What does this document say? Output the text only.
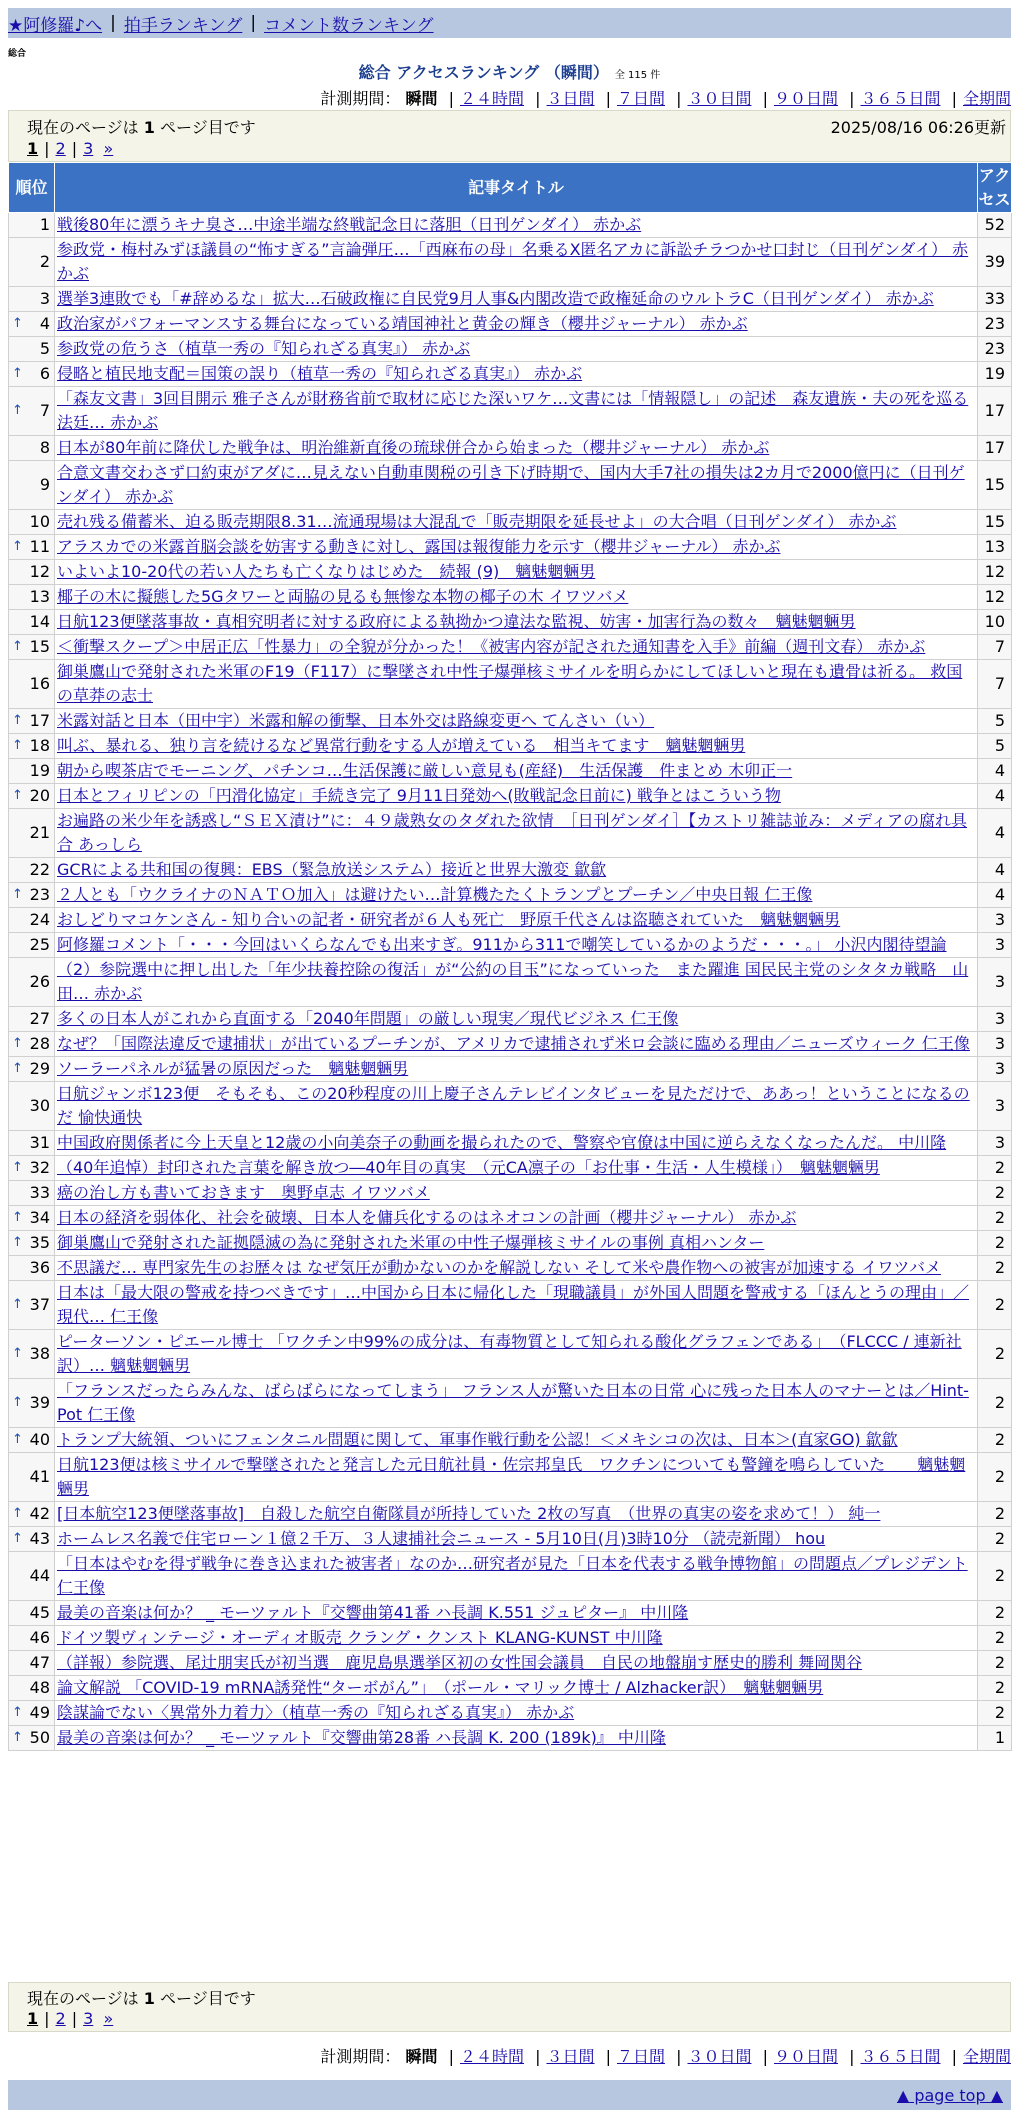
★阿修羅♪へ | 拍手ランキング | コメント数ランキング
総合
総合 アクセスランキング （瞬間） 全 115 件
計測期間： 瞬間 | ２４時間 | ３日間 | ７日間 | ３０日間 | ９０日間 | ３６５日間 | 全期間
現在のページは 1 ページ目です	2025/08/16 06:26更新
1 | 2 | 3 »
順位	記事タイトル	アクセス
1	戦後80年に漂うキナ臭さ…中途半端な終戦記念日に落胆（日刊ゲンダイ） 赤かぶ	52
2	参政党・梅村みずほ議員の“怖すぎる”言論弾圧…「西麻布の母」名乗るX匿名アカに訴訟チラつかせ口封じ（日刊ゲンダイ） 赤かぶ	39
3	選挙3連敗でも「#辞めるな」拡大…石破政権に自民党9月人事&内閣改造で政権延命のウルトラC（日刊ゲンダイ） 赤かぶ	33

↑ 4	政治家がパフォーマンスする舞台になっている靖国神社と黄金の輝き（櫻井ジャーナル） 赤かぶ	23
5	参政党の危うさ（植草一秀の『知られざる真実』） 赤かぶ	23

↑ 6	侵略と植民地支配＝国策の誤り（植草一秀の『知られざる真実』） 赤かぶ	19

↑ 7	「森友文書」3回目開示 雅子さんが財務省前で取材に応じた深いワケ…文書には「情報隠し」の記述　森友遺族・夫の死を巡る法廷… 赤かぶ	17
8	日本が80年前に降伏した戦争は、明治維新直後の琉球併合から始まった（櫻井ジャーナル） 赤かぶ	17
9	合意文書交わさず口約束がアダに…見えない自動車関税の引き下げ時期で、国内大手7社の損失は2カ月で2000億円に（日刊ゲンダイ） 赤かぶ	15
10	売れ残る備蓄米、迫る販売期限8.31…流通現場は大混乱で「販売期限を延長せよ」の大合唱（日刊ゲンダイ） 赤かぶ	15

↑ 11	アラスカでの米露首脳会談を妨害する動きに対し、露国は報復能力を示す（櫻井ジャーナル） 赤かぶ	13
12	いよいよ10-20代の若い人たちも亡くなりはじめた　続報 (9)　魑魅魍魎男	12
13	椰子の木に擬態した5Gタワーと両脇の見るも無惨な本物の椰子の木 イワツバメ	12
14	日航123便墜落事故・真相究明者に対する政府による執拗かつ違法な監視、妨害・加害行為の数々　魑魅魍魎男	10

↑ 15	＜衝撃スクープ＞中居正広「性暴力」の全貌が分かった！《被害内容が記された通知書を入手》前編（週刊文春） 赤かぶ	7
16	御巣鷹山で発射された米軍のF19（F117）に撃墜され中性子爆弾核ミサイルを明らかにしてほしいと現在も遺骨は祈る。 救国の草莽の志士	7

↑ 17	米露対話と日本（田中宇）米露和解の衝撃、日本外交は路線変更へ てんさい（い）	5

↑ 18	叫ぶ、暴れる、独り言を続けるなど異常行動をする人が増えている　相当キてます　魑魅魍魎男	5
19	朝から喫茶店でモーニング、パチンコ…生活保護に厳しい意見も(産経)　生活保護　件まとめ 木卯正一	4

↑ 20	日本とフィリピンの「円滑化協定」手続き完了 9月11日発効へ(敗戦記念日前に) 戦争とはこういう物	4
21	お遍路の米少年を誘惑し“ＳＥＸ漬け”に：４９歳熟女のタダれた欲情　［日刊ゲンダイ］【カストリ雑誌並み：メディアの腐れ具合 あっしら	4
22	GCRによる共和国の復興：EBS（緊急放送システム）接近と世界大激変 歙歙	4

↑ 23	２人とも「ウクライナのＮＡＴＯ加入」は避けたい…計算機たたくトランプとプーチン／中央日報 仁王像	4
24	おしどりマコケンさん - 知り合いの記者・研究者が６人も死亡　野原千代さんは盗聴されていた　魑魅魍魎男	3
25	阿修羅コメント「・・・今回はいくらなんでも出来すぎ。911から311で嘲笑しているかのようだ・・・。」 小沢内閣待望論	3
26	（2）参院選中に押し出した「年少扶養控除の復活」が“公約の目玉”になっていった　また躍進 国民民主党のシタタカ戦略　山田… 赤かぶ	3
27	多くの日本人がこれから直面する「2040年問題」の厳しい現実／現代ビジネス 仁王像	3

↑ 28	なぜ？「国際法違反で逮捕状」が出ているプーチンが、アメリカで逮捕されず米ロ会談に臨める理由／ニューズウィーク 仁王像	3

↑ 29	ソーラーパネルが猛暑の原因だった　魑魅魍魎男	3
30	日航ジャンボ123便　そもそも、この20秒程度の川上慶子さんテレビインタビューを見ただけで、ああっ！ということになるのだ 愉快通快	3
31	中国政府関係者に今上天皇と12歳の小向美奈子の動画を撮られたので、警察や官僚は中国に逆らえなくなったんだ。 中川隆	3

↑ 32	（40年追悼）封印された言葉を解き放つ―40年目の真実　（元CA凛子の「お仕事・生活・人生模様」）　魑魅魍魎男	2
33	癌の治し方も書いておきます　奥野卓志 イワツバメ	2

↑ 34	日本の経済を弱体化、社会を破壊、日本人を傭兵化するのはネオコンの計画（櫻井ジャーナル） 赤かぶ	2

↑ 35	御巣鷹山で発射された証拠隠滅の為に発射された米軍の中性子爆弾核ミサイルの事例 真相ハンター	2
36	不思議だ… 専門家先生のお歴々は なぜ気圧が動かないのかを解説しない そして米や農作物への被害が加速する イワツバメ	2

↑ 37	日本は「最大限の警戒を持つべきです」…中国から日本に帰化した「現職議員」が外国人問題を警戒する「ほんとうの理由」／現代… 仁王像	2

↑ 38	ピーターソン・ピエール博士 「ワクチン中99%の成分は、有毒物質として知られる酸化グラフェンである」　（FLCCC / 連新社訳）… 魑魅魍魎男	2

↑ 39	「フランスだったらみんな、ばらばらになってしまう」 フランス人が驚いた日本の日常 心に残った日本人のマナーとは／Hint-Pot 仁王像	2

↑ 40	トランプ大統領、ついにフェンタニル問題に関して、軍事作戦行動を公認！＜メキシコの次は、日本＞(直家GO) 歙歙	2
41	日航123便は核ミサイルで撃墜されたと発言した元日航社員・佐宗邦皇氏　ワクチンについても警鐘を鳴らしていた　　魑魅魍魎男	2

↑ 42	[日本航空123便墜落事故]　自殺した航空自衛隊員が所持していた 2枚の写真　（世界の真実の姿を求めて！） 純一	2

↑ 43	ホームレス名義で住宅ローン１億２千万、３人逮捕社会ニュース - 5月10日(月)3時10分 （読売新聞） hou	2
44	「日本はやむを得ず戦争に巻き込まれた被害者」なのか…研究者が見た「日本を代表する戦争博物館」の問題点／プレジデント 仁王像	2
45	最美の音楽は何か？ _ モーツァルト『交響曲第41番 ハ長調 K.551 ジュピター』 中川隆	2
46	ドイツ製ヴィンテージ・オーディオ販売 クラング・クンスト KLANG-KUNST 中川隆	2
47	（詳報）参院選、尾辻朋実氏が初当選　鹿児島県選挙区初の女性国会議員　自民の地盤崩す歴史的勝利 舞岡関谷	2
48	論文解説 「COVID-19 mRNA誘発性“ターボがん”」　（ポール・マリック博士 / Alzhacker訳）　魑魅魍魎男	2

↑ 49	陰謀論でない〈異常外力着力〉（植草一秀の『知られざる真実』） 赤かぶ	2

↑ 50	最美の音楽は何か？ _ モーツァルト『交響曲第28番 ハ長調 K. 200 (189k)』 中川隆	1
現在のページは 1 ページ目です
1 | 2 | 3 »
計測期間： 瞬間 | ２４時間 | ３日間 | ７日間 | ３０日間 | ９０日間 | ３６５日間 | 全期間
▲ page top ▲
